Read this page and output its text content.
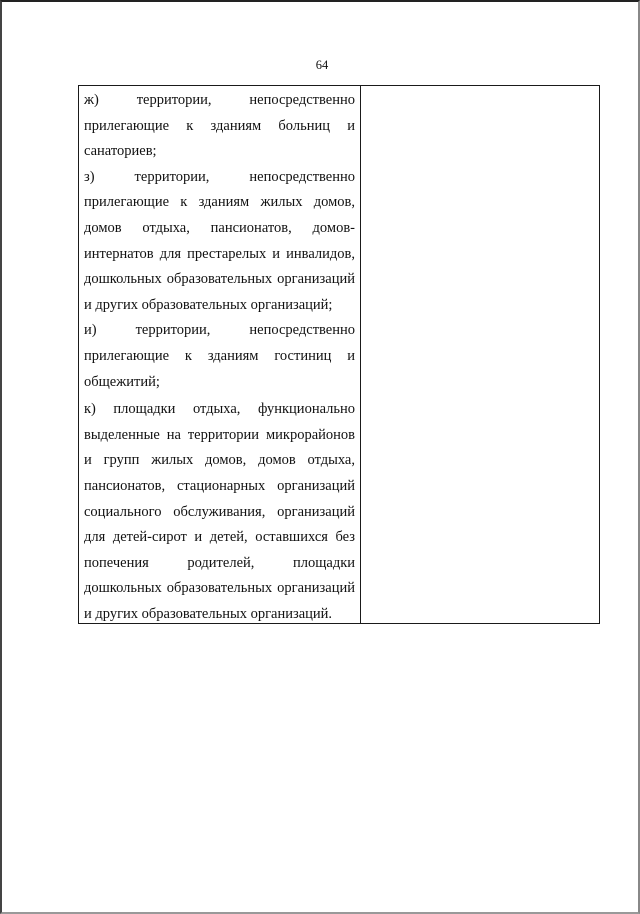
64

ж) территории, непосредственно прилегающие к зданиям больниц и санаториев;

з) территории, непосредственно прилегающие к зданиям жилых домов, домов отдыха, пансионатов, домов-интернатов для престарелых и инвалидов, дошкольных образовательных организаций и других образовательных организаций;

и) территории, непосредственно прилегающие к зданиям гостиниц и общежитий;

к) площадки отдыха, функционально выделенные на территории микрорайонов и групп жилых домов, домов отдыха, пансионатов, стационарных организаций социального обслуживания, организаций для детей-сирот и детей, оставшихся без попечения родителей, площадки дошкольных образовательных организаций и других образовательных организаций.
